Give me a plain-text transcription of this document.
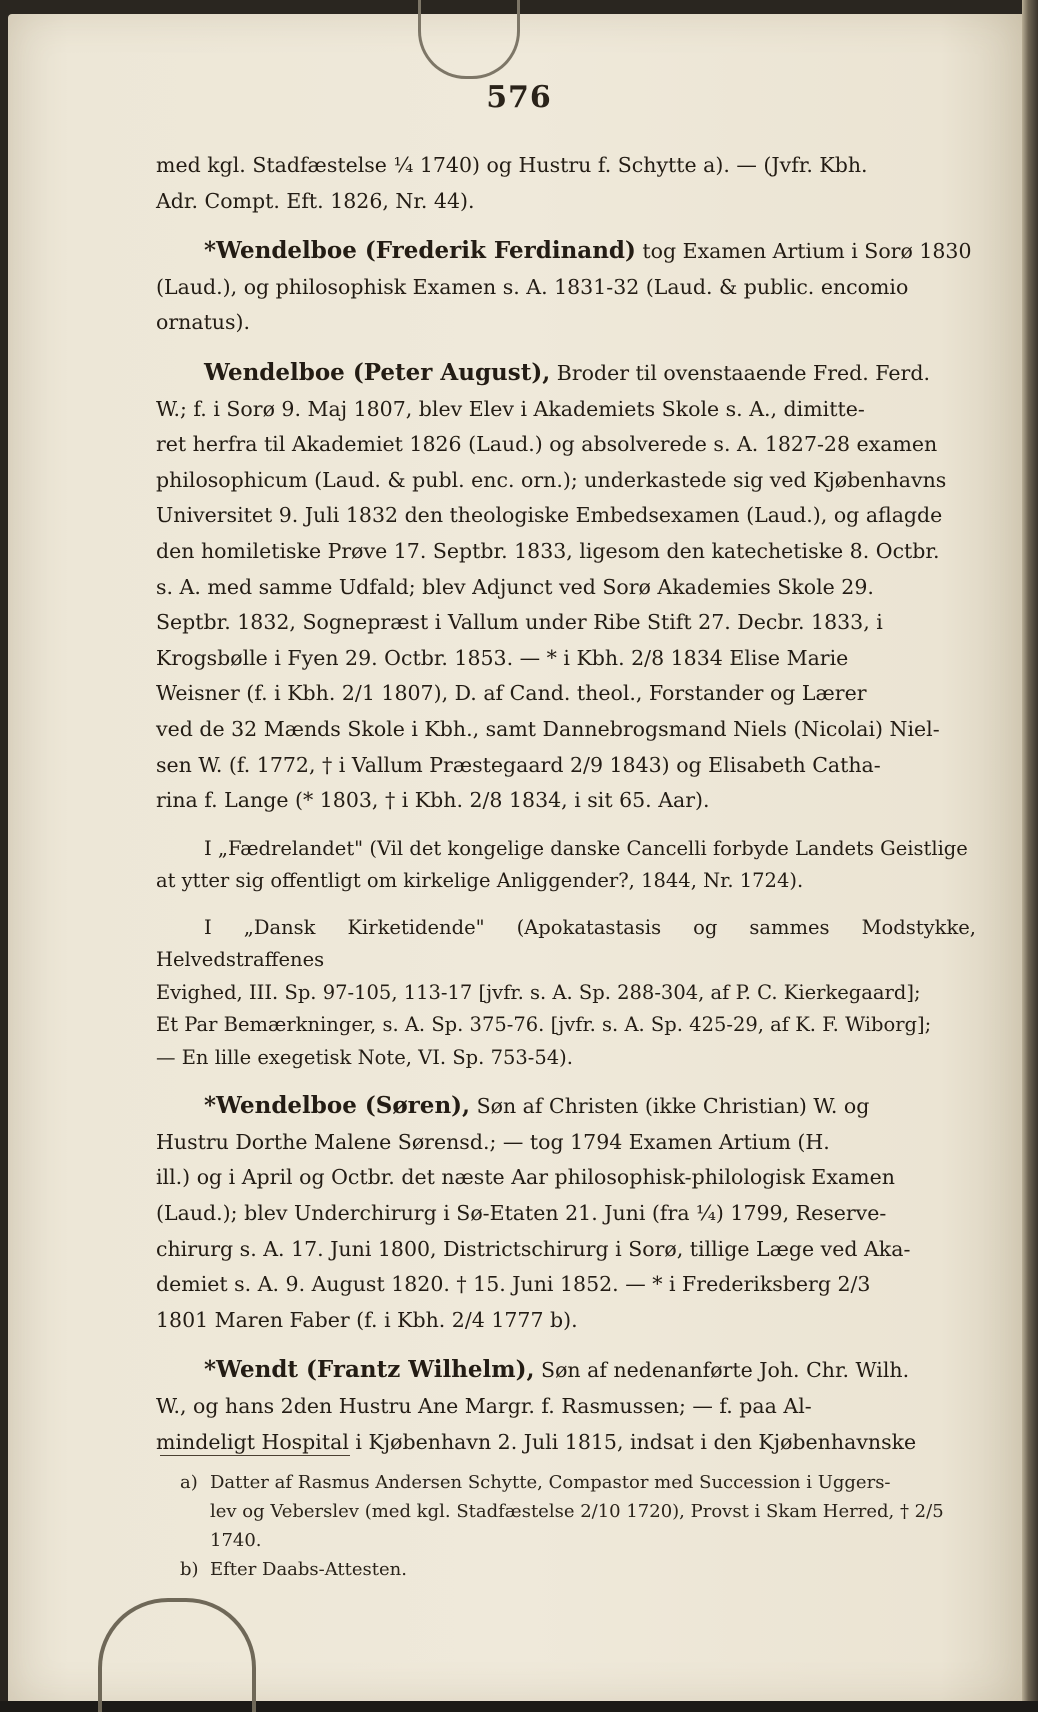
576

med kgl. Stadfæstelse ⅟₄ 1740) og Hustru f. Schytte a). — (Jvfr. Kbh.
Adr. Compt. Eft. 1826, Nr. 44).

*Wendelboe (Frederik Ferdinand) tog Examen Artium i Sorø 1830
(Laud.), og philosophisk Examen s. A. 1831-32 (Laud. & public. encomio
ornatus).

Wendelboe (Peter August), Broder til ovenstaaende Fred. Ferd.
W.; f. i Sorø 9. Maj 1807, blev Elev i Akademiets Skole s. A., dimitte-
ret herfra til Akademiet 1826 (Laud.) og absolverede s. A. 1827-28 examen
philosophicum (Laud. & publ. enc. orn.); underkastede sig ved Kjøbenhavns
Universitet 9. Juli 1832 den theologiske Embedsexamen (Laud.), og aflagde
den homiletiske Prøve 17. Septbr. 1833, ligesom den katechetiske 8. Octbr.
s. A. med samme Udfald; blev Adjunct ved Sorø Akademies Skole 29.
Septbr. 1832, Sognepræst i Vallum under Ribe Stift 27. Decbr. 1833, i
Krogsbølle i Fyen 29. Octbr. 1853. — * i Kbh. 2/8 1834 Elise Marie
Weisner (f. i Kbh. 2/1 1807), D. af Cand. theol., Forstander og Lærer
ved de 32 Mænds Skole i Kbh., samt Dannebrogsmand Niels (Nicolai) Niel-
sen W. (f. 1772, † i Vallum Præstegaard 2/9 1843) og Elisabeth Catha-
rina f. Lange (* 1803, † i Kbh. 2/8 1834, i sit 65. Aar).

I „Fædrelandet" (Vil det kongelige danske Cancelli forbyde Landets Geistlige
at ytter sig offentligt om kirkelige Anliggender?, 1844, Nr. 1724).

I „Dansk Kirketidende" (Apokatastasis og sammes Modstykke, Helvedstraffenes
Evighed, III. Sp. 97-105, 113-17 [jvfr. s. A. Sp. 288-304, af P. C. Kierkegaard];
Et Par Bemærkninger, s. A. Sp. 375-76. [jvfr. s. A. Sp. 425-29, af K. F. Wiborg];
— En lille exegetisk Note, VI. Sp. 753-54).

*Wendelboe (Søren), Søn af Christen (ikke Christian) W. og
Hustru Dorthe Malene Sørensd.; — tog 1794 Examen Artium (H.
ill.) og i April og Octbr. det næste Aar philosophisk-philologisk Examen
(Laud.); blev Underchirurg i Sø-Etaten 21. Juni (fra ⅟₄) 1799, Reserve-
chirurg s. A. 17. Juni 1800, Districtschirurg i Sorø, tillige Læge ved Aka-
demiet s. A. 9. August 1820. † 15. Juni 1852. — * i Frederiksberg 2/3
1801 Maren Faber (f. i Kbh. 2/4 1777 b).

*Wendt (Frantz Wilhelm), Søn af nedenanførte Joh. Chr. Wilh.
W., og hans 2den Hustru Ane Margr. f. Rasmussen; — f. paa Al-
mindeligt Hospital i Kjøbenhavn 2. Juli 1815, indsat i den Kjøbenhavnske

a) Datter af Rasmus Andersen Schytte, Compastor med Succession i Uggers-

lev og Veberslev (med kgl. Stadfæstelse 2/10 1720), Provst i Skam Herred, † 2/5 1740.

b) Efter Daabs-Attesten.
